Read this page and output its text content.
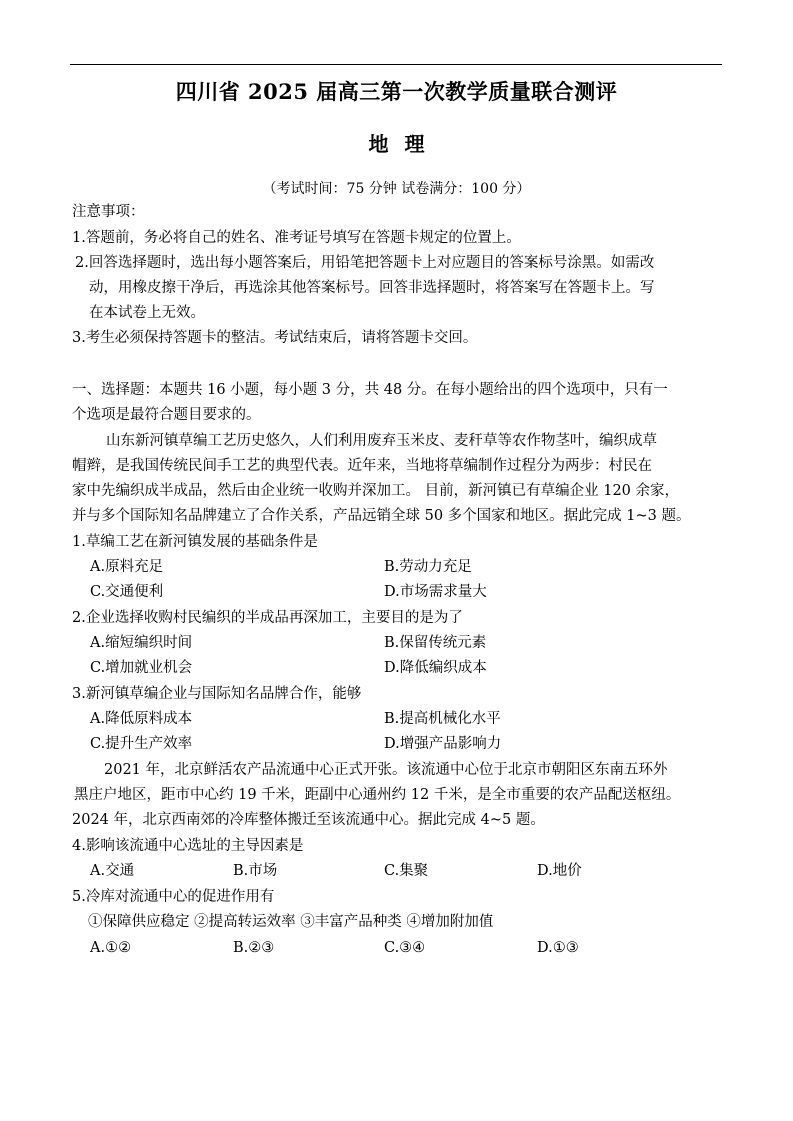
四川省 2025 届高三第一次教学质量联合测评
地理
（考试时间：75 分钟 试卷满分：100 分）
注意事项：
1.答题前，务必将自己的姓名、准考证号填写在答题卡规定的位置上。
2.回答选择题时，选出每小题答案后，用铅笔把答题卡上对应题目的答案标号涂黑。如需改
动，用橡皮擦干净后，再选涂其他答案标号。回答非选择题时，将答案写在答题卡上。写
在本试卷上无效。
3.考生必须保持答题卡的整洁。考试结束后，请将答题卡交回。
一、选择题：本题共 16 小题，每小题 3 分，共 48 分。在每小题给出的四个选项中，只有一
个选项是最符合题目要求的。
山东新河镇草编工艺历史悠久，人们利用废弃玉米皮、麦秆草等农作物茎叶，编织成草
帽辫，是我国传统民间手工艺的典型代表。近年来，当地将草编制作过程分为两步：村民在
家中先编织成半成品，然后由企业统一收购并深加工。 目前，新河镇已有草编企业 120 余家，
并与多个国际知名品牌建立了合作关系，产品远销全球 50 多个国家和地区。据此完成 1~3 题。
1.草编工艺在新河镇发展的基础条件是
A.原料充足	B.劳动力充足
C.交通便利	D.市场需求量大
2.企业选择收购村民编织的半成品再深加工，主要目的是为了
A.缩短编织时间	B.保留传统元素
C.增加就业机会	D.降低编织成本
3.新河镇草编企业与国际知名品牌合作，能够
A.降低原料成本	B.提高机械化水平
C.提升生产效率	D.增强产品影响力
2021 年，北京鲜活农产品流通中心正式开张。该流通中心位于北京市朝阳区东南五环外
黑庄户地区，距市中心约 19 千米，距副中心通州约 12 千米，是全市重要的农产品配送枢纽。
2024 年，北京西南郊的冷库整体搬迁至该流通中心。据此完成 4~5 题。
4.影响该流通中心选址的主导因素是
A.交通	B.市场	C.集聚	D.地价
5.冷库对流通中心的促进作用有
①保障供应稳定 ②提高转运效率 ③丰富产品种类 ④增加附加值
A.①②	B.②③	C.③④	D.①③
